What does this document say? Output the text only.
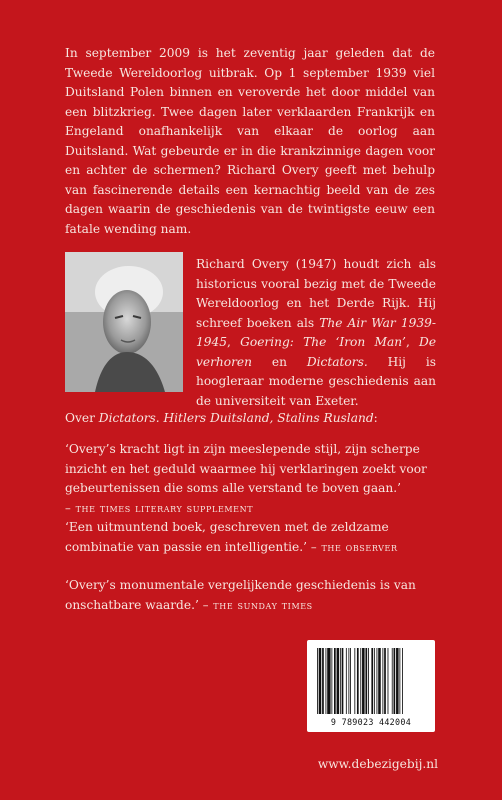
In september 2009 is het zeventig jaar geleden dat de Tweede Wereldoorlog uitbrak. Op 1 september 1939 viel Duitsland Polen binnen en veroverde het door middel van een blitzkrieg. Twee dagen later verklaarden Frankrijk en Engeland onafhankelijk van elkaar de oorlog aan Duitsland. Wat gebeurde er in die krankzinnige dagen voor en achter de schermen? Richard Overy geeft met behulp van fascinerende details een kernachtig beeld van de zes dagen waarin de geschiedenis van de twintigste eeuw een fatale wending nam.

Richard Overy (1947) houdt zich als historicus vooral bezig met de Tweede Wereldoorlog en het Derde Rijk. Hij schreef boeken als The Air War 1939-1945, Goering: The ‘Iron Man’, De verhoren en Dictators. Hij is hoogleraar moderne geschiedenis aan de universiteit van Exeter.

Over Dictators. Hitlers Duitsland, Stalins Rusland:

‘Overy’s kracht ligt in zijn meeslepende stijl, zijn scherpe inzicht en het geduld waarmee hij verklaringen zoekt voor gebeurtenissen die soms alle verstand te boven gaan.’
– the times literary supplement

‘Een uitmuntend boek, geschreven met de zeldzame combinatie van passie en intelligentie.’ – the observer

‘Overy’s monumentale vergelijkende geschiedenis is van onschatbare waarde.’ – the sunday times

9 789023 442004

www.debezigebij.nl
